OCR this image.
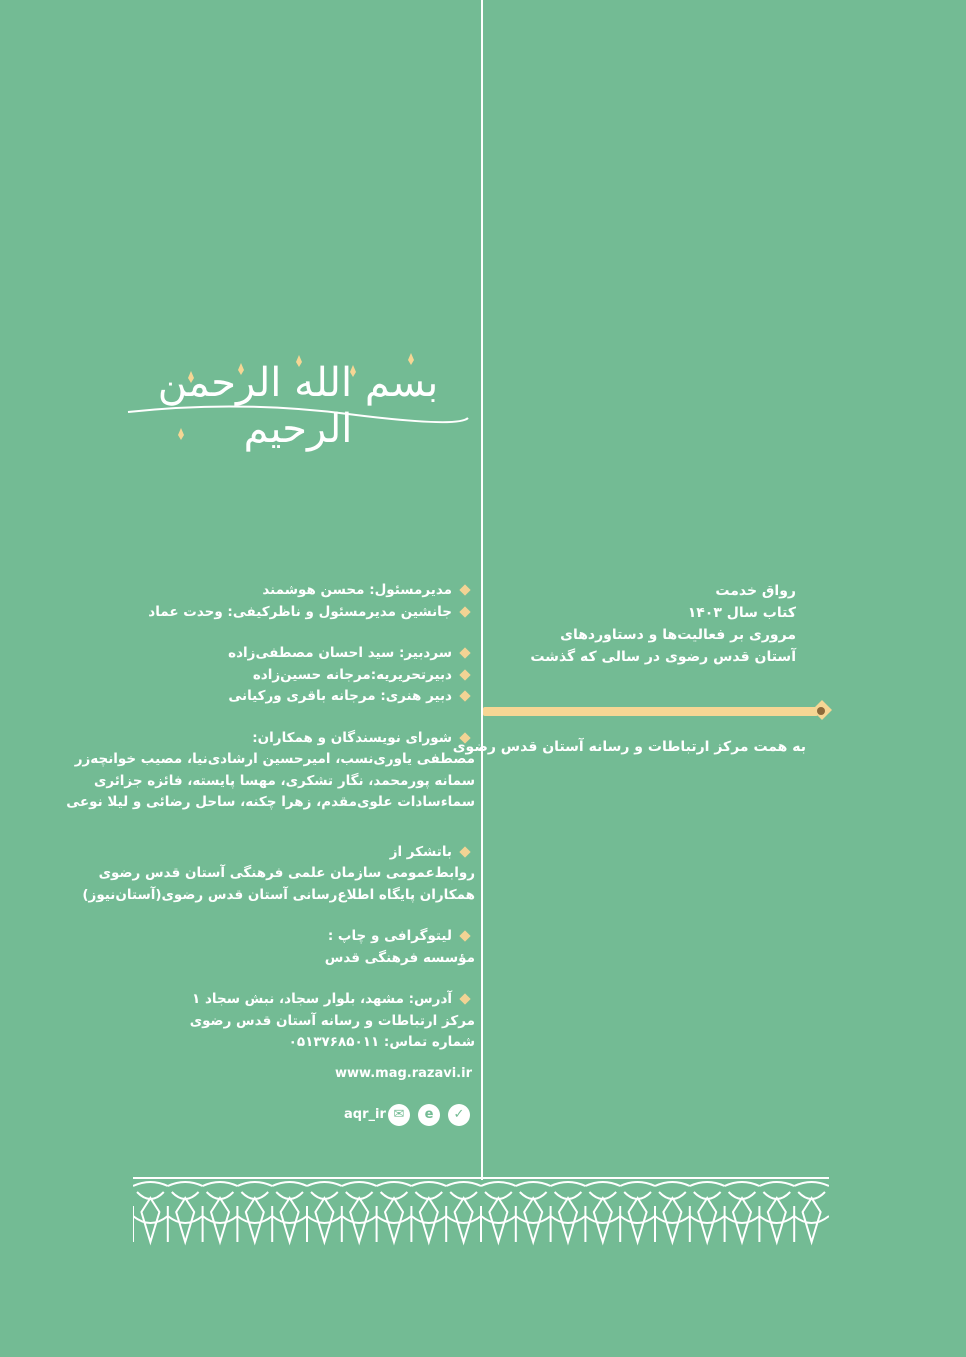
بسم الله الرحمن الرحیم
رواق خدمت
کتاب سال ۱۴۰۳
مروری بر فعالیت‌ها و دستاوردهای
آستان قدس رضوی در سالی که گذشت
به همت مرکز ارتباطات و رسانه آستان قدس رضوی
مدیرمسئول: محسن هوشمند
جانشین مدیرمسئول و ناظرکیفی: وحدت عماد
سردبیر: سید احسان مصطفی‌زاده
دبیرتحریریه:مرجانه حسین‌زاده
دبیر هنری: مرجانه باقری ورکیانی
شورای نویسندگان و همکاران:
مصطفی یاوری‌نسب، امیرحسین ارشادی‌نیا، مصیب خوانچه‌زر
سمانه پورمحمد، نگار تشکری، مهسا پایسته، فائزه جزائری
سماء‌سادات علوی‌مقدم، زهرا چکنه، ساحل رضائی و لیلا نوعی
باتشکر از
روابط‌عمومی سازمان علمی فرهنگی آستان قدس رضوی
همکاران پایگاه اطلاع‌رسانی آستان قدس رضوی(آستان‌نیوز)
لیتوگرافی و چاپ :
مؤسسه فرهنگی قدس
آدرس: مشهد، بلوار سجاد، نبش سجاد ۱
مرکز ارتباطات و رسانه آستان قدس رضوی
شماره تماس: ۰۵۱۳۷۶۸۵۰۱۱
www.mag.razavi.ir
aqr_ir ✉	e	✓
